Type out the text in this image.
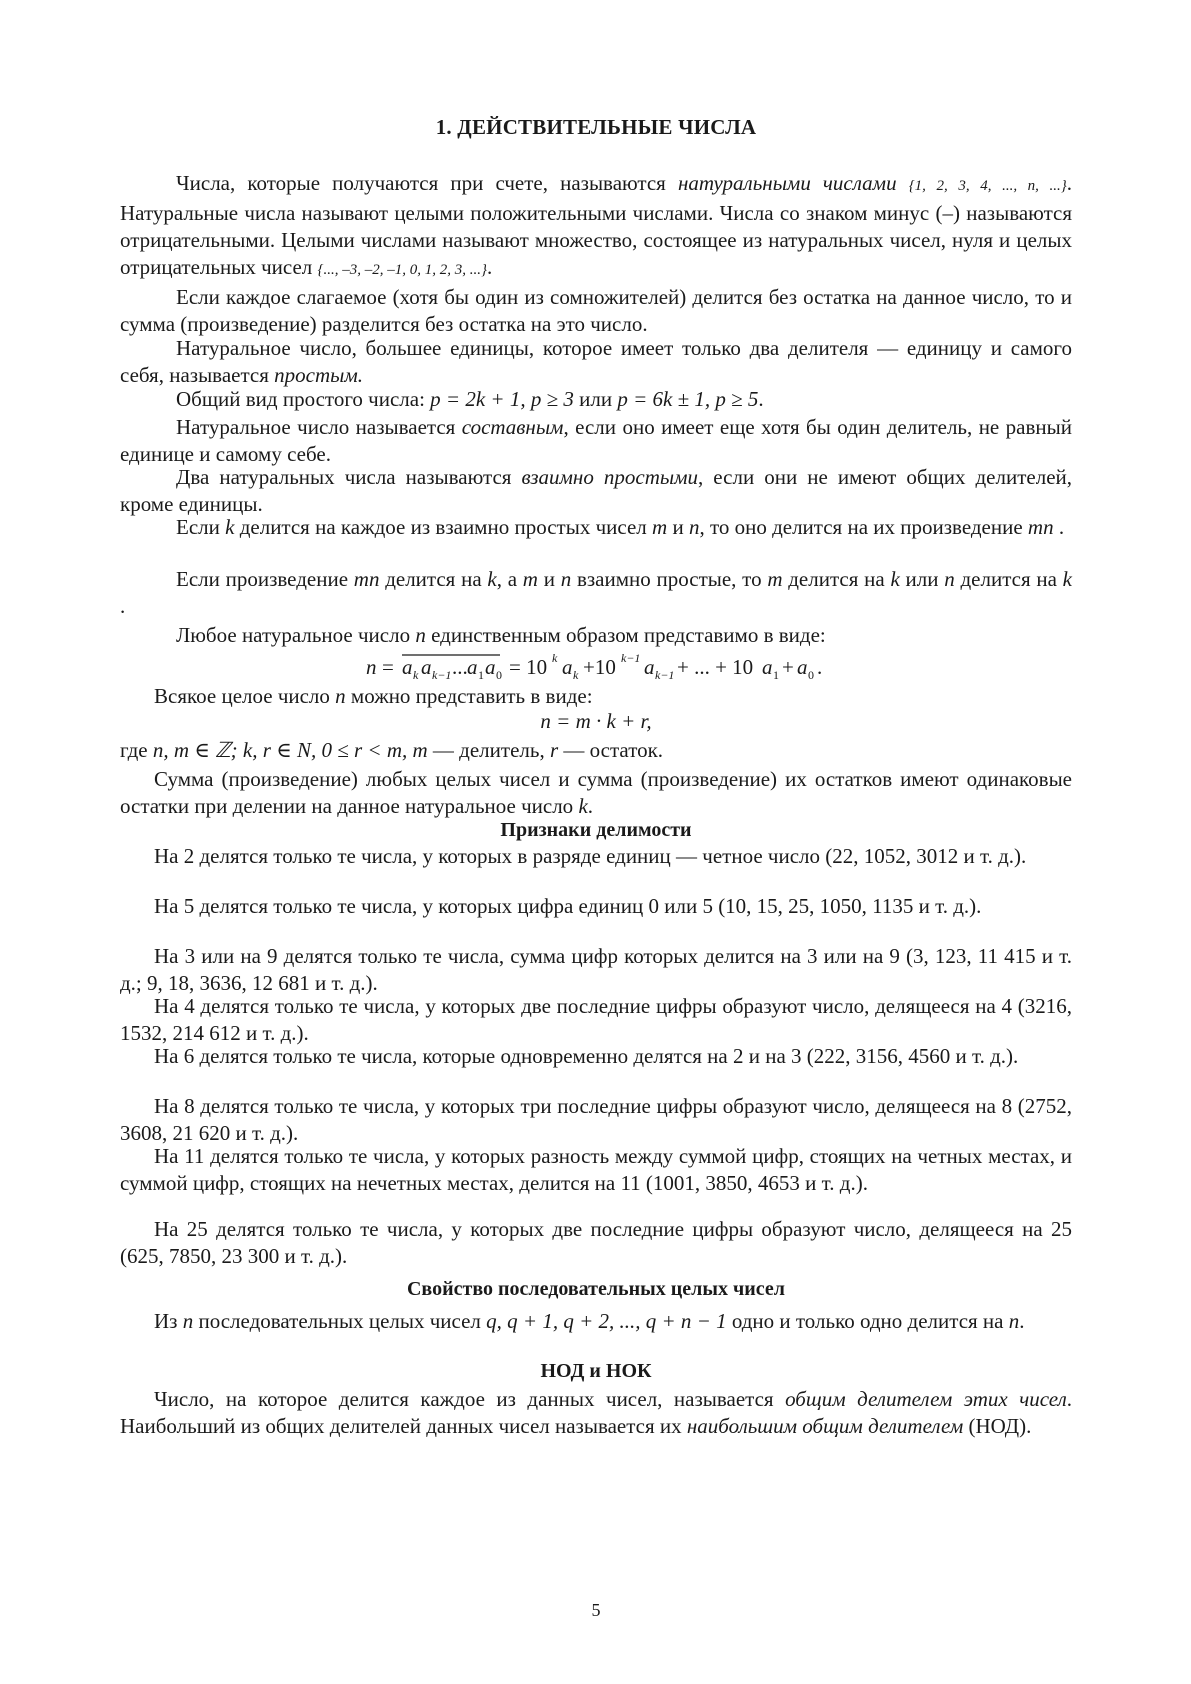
1. ДЕЙСТВИТЕЛЬНЫЕ ЧИСЛА
Числа, которые получаются при счете, называются натуральными числами {1, 2, 3, 4, ..., n, ...}. Натуральные числа называют целыми положительными числами. Числа со знаком минус (–) называются отрицательными. Целыми числами называют множество, состоящее из натуральных чисел, нуля и целых отрицательных чисел {..., –3, –2, –1, 0, 1, 2, 3, ...}.
Если каждое слагаемое (хотя бы один из сомножителей) делится без остатка на данное число, то и сумма (произведение) разделится без остатка на это число.
Натуральное число, большее единицы, которое имеет только два делителя — единицу и самого себя, называется простым.
Общий вид простого числа: p = 2k + 1, p ≥ 3 или p = 6k ± 1, p ≥ 5.
Натуральное число называется составным, если оно имеет еще хотя бы один делитель, не равный единице и самому себе.
Два натуральных числа называются взаимно простыми, если они не имеют общих делителей, кроме единицы.
Если k делится на каждое из взаимно простых чисел m и n, то оно делится на их произведение mn .
Если произведение mn делится на k, а m и n взаимно простые, то m делится на k или n делится на k .
Любое натуральное число n единственным образом представимо в виде:
n = a k a k−1 ... a 1 a 0 = 10 k a k +10 k−1 a k−1 + ... + 10 a 1 + a 0 .
Всякое целое число n можно представить в виде:
n = m · k + r,
где n, m ∈ ℤ; k, r ∈ N, 0 ≤ r < m, m — делитель, r — остаток.
Сумма (произведение) любых целых чисел и сумма (произведение) их остатков имеют одинаковые остатки при делении на данное натуральное число k.
Признаки делимости
На 2 делятся только те числа, у которых в разряде единиц — четное число (22, 1052, 3012 и т. д.).
На 5 делятся только те числа, у которых цифра единиц 0 или 5 (10, 15, 25, 1050, 1135 и т. д.).
На 3 или на 9 делятся только те числа, сумма цифр которых делится на 3 или на 9 (3, 123, 11 415 и т. д.; 9, 18, 3636, 12 681 и т. д.).
На 4 делятся только те числа, у которых две последние цифры образуют число, делящееся на 4 (3216, 1532, 214 612 и т. д.).
На 6 делятся только те числа, которые одновременно делятся на 2 и на 3 (222, 3156, 4560 и т. д.).
На 8 делятся только те числа, у которых три последние цифры образуют число, делящееся на 8 (2752, 3608, 21 620 и т. д.).
На 11 делятся только те числа, у которых разность между суммой цифр, стоящих на четных местах, и суммой цифр, стоящих на нечетных местах, делится на 11 (1001, 3850, 4653 и т. д.).
На 25 делятся только те числа, у которых две последние цифры образуют число, делящееся на 25 (625, 7850, 23 300 и т. д.).
Свойство последовательных целых чисел
Из n последовательных целых чисел q, q + 1, q + 2, ..., q + n − 1 одно и только одно делится на n.
НОД и НОК
Число, на которое делится каждое из данных чисел, называется общим делителем этих чисел. Наибольший из общих делителей данных чисел называется их наибольшим общим делителем (НОД).
5
